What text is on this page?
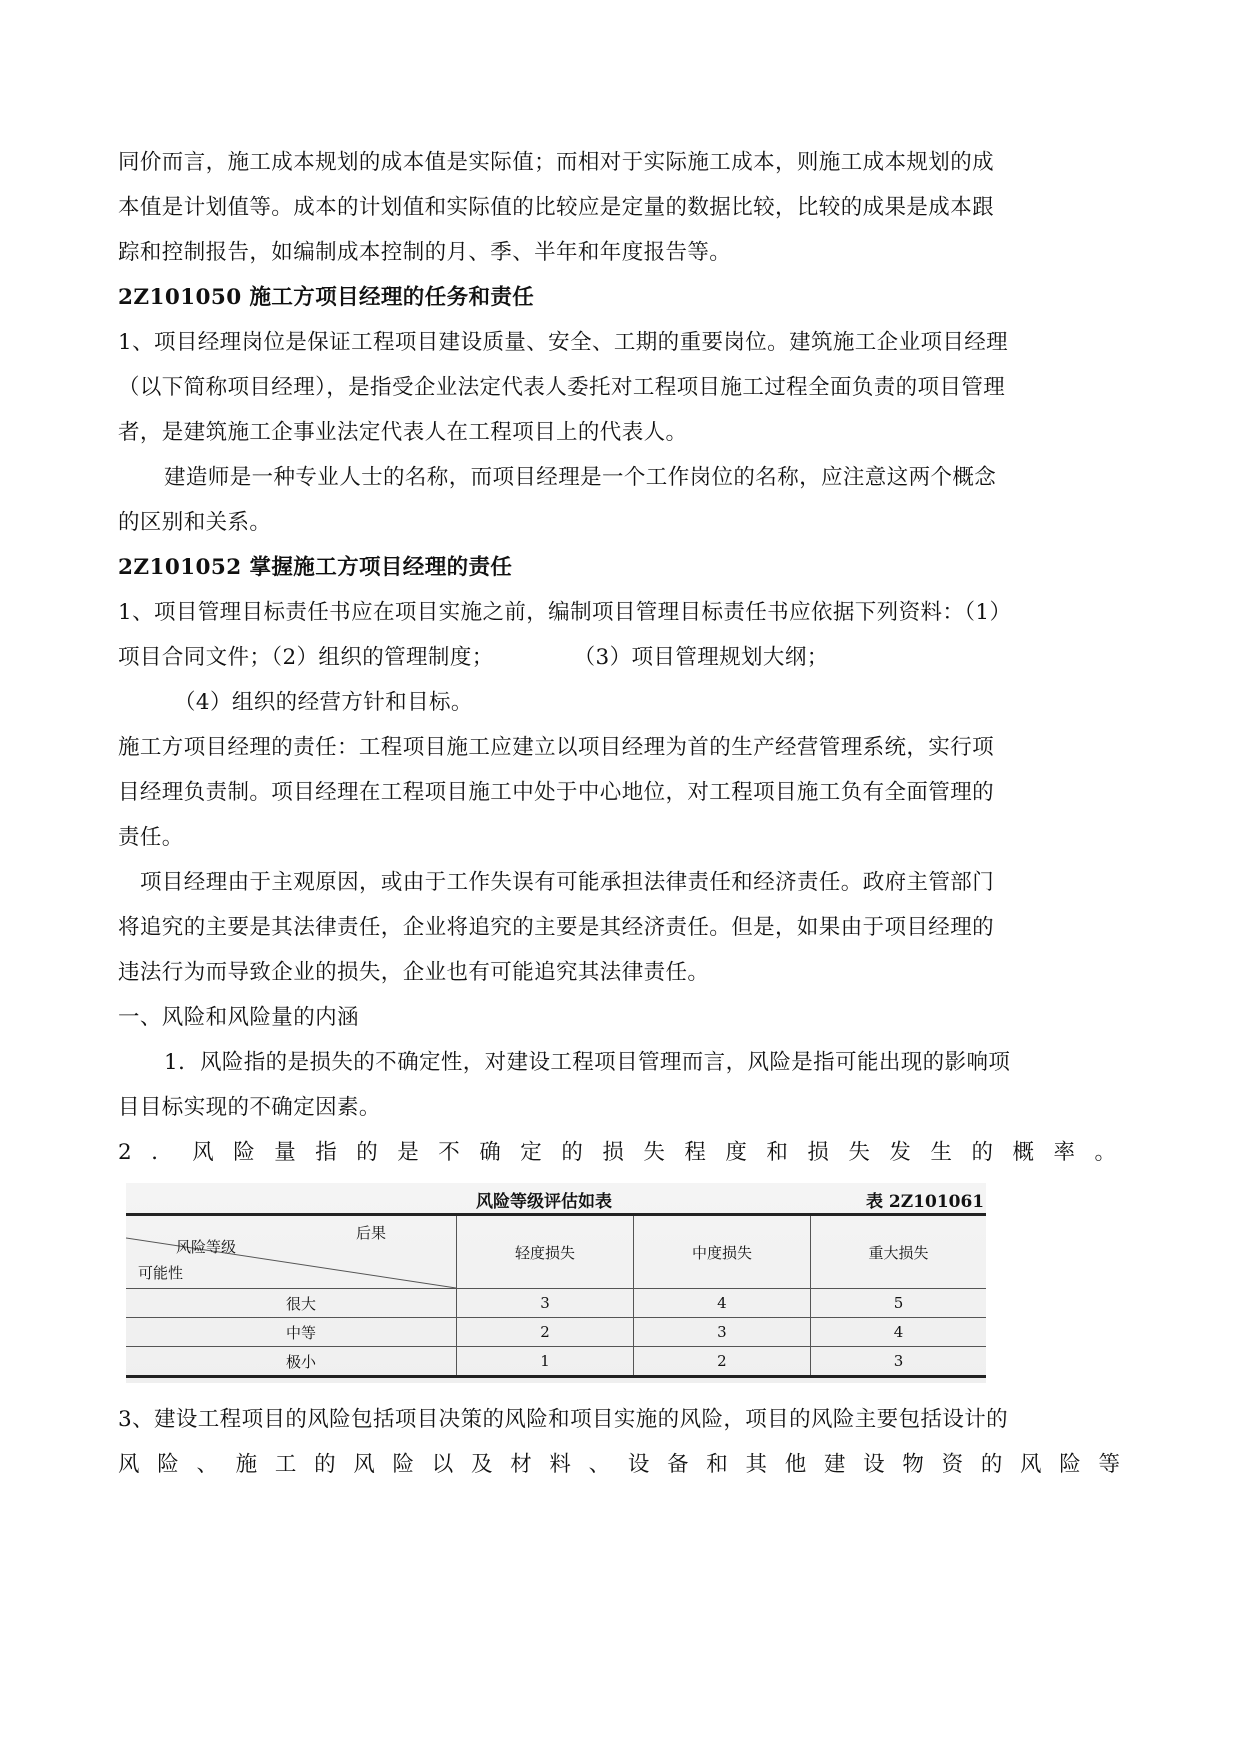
同价而言，施工成本规划的成本值是实际值；而相对于实际施工成本，则施工成本规划的成

本值是计划值等。成本的计划值和实际值的比较应是定量的数据比较，比较的成果是成本跟

踪和控制报告，如编制成本控制的月、季、半年和年度报告等。

2Z101050 施工方项目经理的任务和责任

1、项目经理岗位是保证工程项目建设质量、安全、工期的重要岗位。建筑施工企业项目经理

（以下简称项目经理），是指受企业法定代表人委托对工程项目施工过程全面负责的项目管理

者，是建筑施工企事业法定代表人在工程项目上的代表人。

建造师是一种专业人士的名称，而项目经理是一个工作岗位的名称，应注意这两个概念

的区别和关系。

2Z101052 掌握施工方项目经理的责任

1、项目管理目标责任书应在项目实施之前，编制项目管理目标责任书应依据下列资料：（1）

项目合同文件；（2）组织的管理制度；	（3）项目管理规划大纲；

（4）组织的经营方针和目标。

施工方项目经理的责任：工程项目施工应建立以项目经理为首的生产经营管理系统，实行项

目经理负责制。项目经理在工程项目施工中处于中心地位，对工程项目施工负有全面管理的

责任。

项目经理由于主观原因，或由于工作失误有可能承担法律责任和经济责任。政府主管部门

将追究的主要是其法律责任，企业将追究的主要是其经济责任。但是，如果由于项目经理的

违法行为而导致企业的损失，企业也有可能追究其法律责任。

一、风险和风险量的内涵

1．风险指的是损失的不确定性，对建设工程项目管理而言，风险是指可能出现的影响项

目目标实现的不确定因素。

2．风险量指的是不确定的损失程度和损失发生的概率。

风险等级评估如表	表 2Z101061
后果
风险等级
可能性	轻度损失	中度损失	重大损失
很大	3	4	5
中等	2	3	4
极小	1	2	3

3、建设工程项目的风险包括项目决策的风险和项目实施的风险，项目的风险主要包括设计的

风险、施工的风险以及材料、设备和其他建设物资的风险等
